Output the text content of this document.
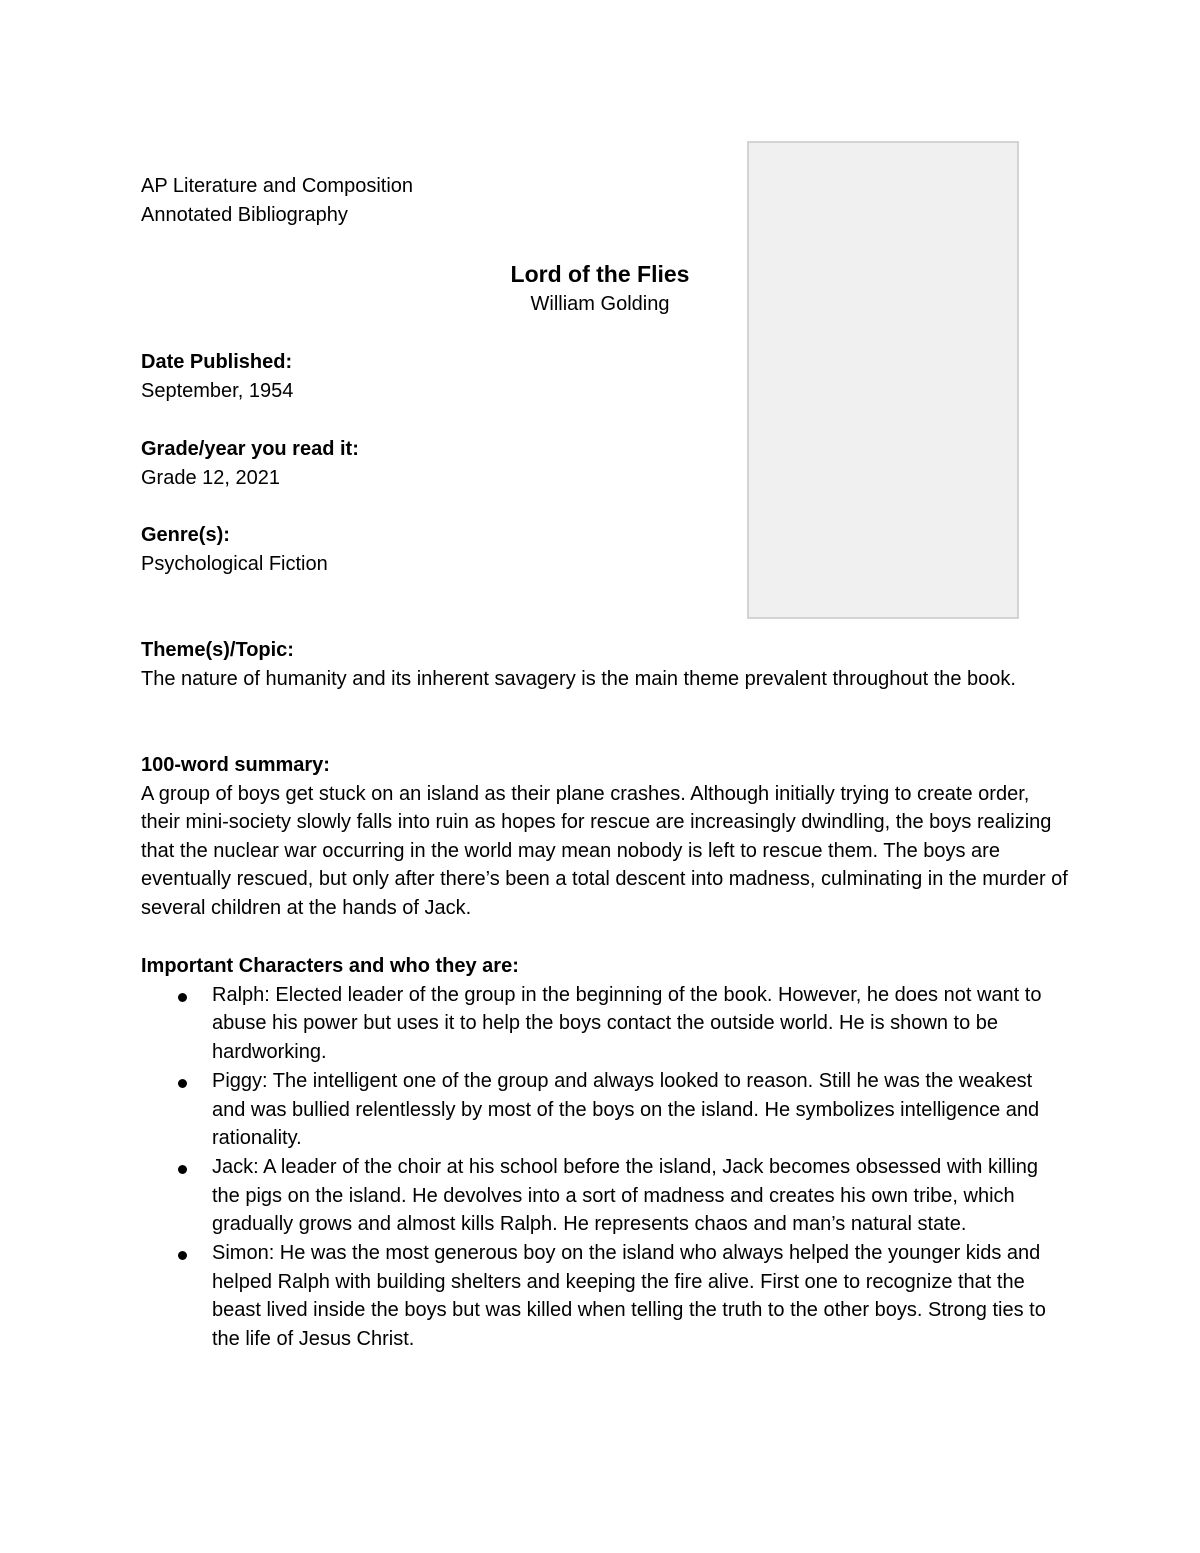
AP Literature and Composition
Annotated Bibliography
Lord of the Flies
William Golding
Date Published:
September, 1954
Grade/year you read it:
Grade 12, 2021
Genre(s):
Psychological Fiction
Theme(s)/Topic:
The nature of humanity and its inherent savagery is the main theme prevalent throughout the book.
100-word summary:
A group of boys get stuck on an island as their plane crashes. Although initially trying to create order, their mini-society slowly falls into ruin as hopes for rescue are increasingly dwindling, the boys realizing that the nuclear war occurring in the world may mean nobody is left to rescue them. The boys are eventually rescued, but only after there’s been a total descent into madness, culminating in the murder of several children at the hands of Jack.
Important Characters and who they are:
Ralph: Elected leader of the group in the beginning of the book. However, he does not want to abuse his power but uses it to help the boys contact the outside world. He is shown to be hardworking.
Piggy: The intelligent one of the group and always looked to reason. Still he was the weakest and was bullied relentlessly by most of the boys on the island. He symbolizes intelligence and rationality.
Jack: A leader of the choir at his school before the island, Jack becomes obsessed with killing the pigs on the island. He devolves into a sort of madness and creates his own tribe, which gradually grows and almost kills Ralph. He represents chaos and man’s natural state.
Simon: He was the most generous boy on the island who always helped the younger kids and helped Ralph with building shelters and keeping the fire alive. First one to recognize that the beast lived inside the boys but was killed when telling the truth to the other boys. Strong ties to the life of Jesus Christ.
